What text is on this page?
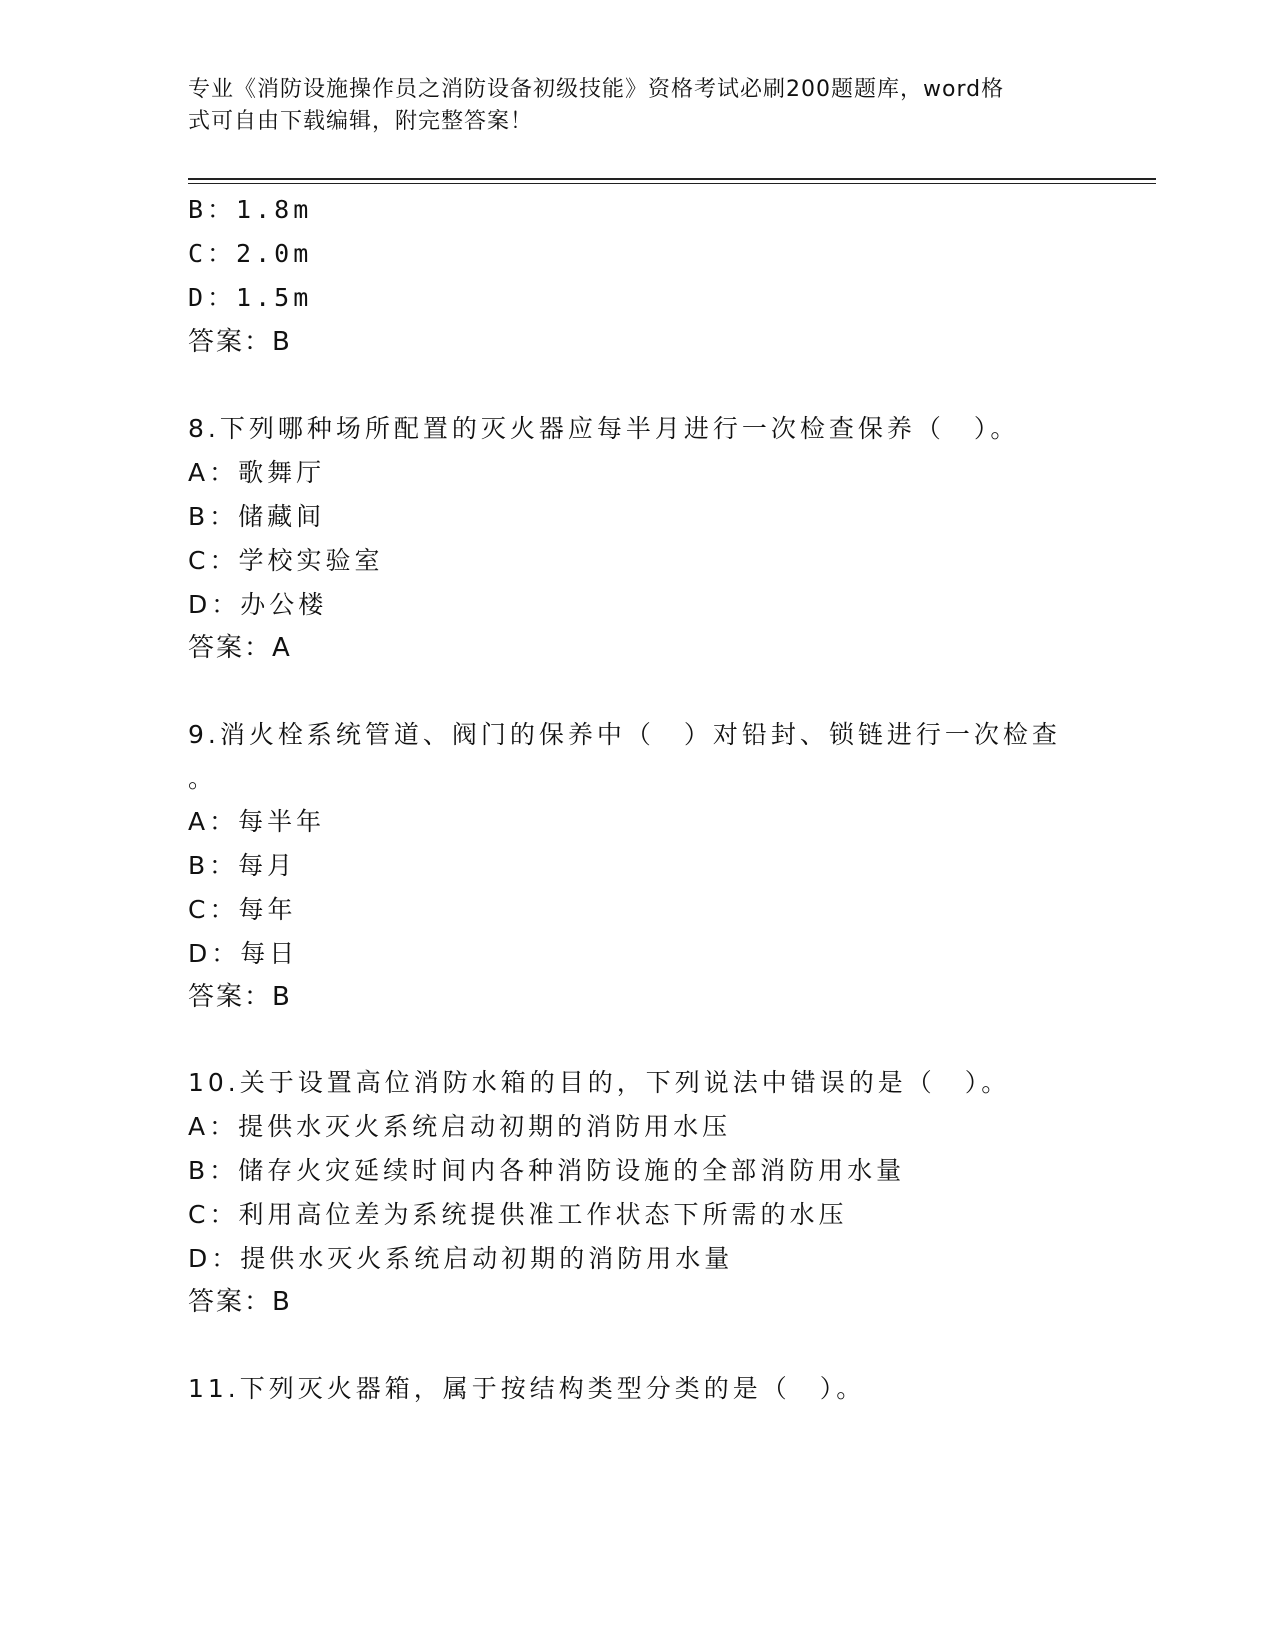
专业《消防设施操作员之消防设备初级技能》资格考试必刷200题题库，word格
式可自由下载编辑，附完整答案！
B：1.8m
C：2.0m
D：1.5m
答案：B
8.下列哪种场所配置的灭火器应每半月进行一次检查保养（　）。
A：歌舞厅
B：储藏间
C：学校实验室
D：办公楼
答案：A
9.消火栓系统管道、阀门的保养中（　）对铅封、锁链进行一次检查
。
A：每半年
B：每月
C：每年
D：每日
答案：B
10.关于设置高位消防水箱的目的，下列说法中错误的是（　）。
A：提供水灭火系统启动初期的消防用水压
B：储存火灾延续时间内各种消防设施的全部消防用水量
C：利用高位差为系统提供准工作状态下所需的水压
D：提供水灭火系统启动初期的消防用水量
答案：B
11.下列灭火器箱，属于按结构类型分类的是（　）。
